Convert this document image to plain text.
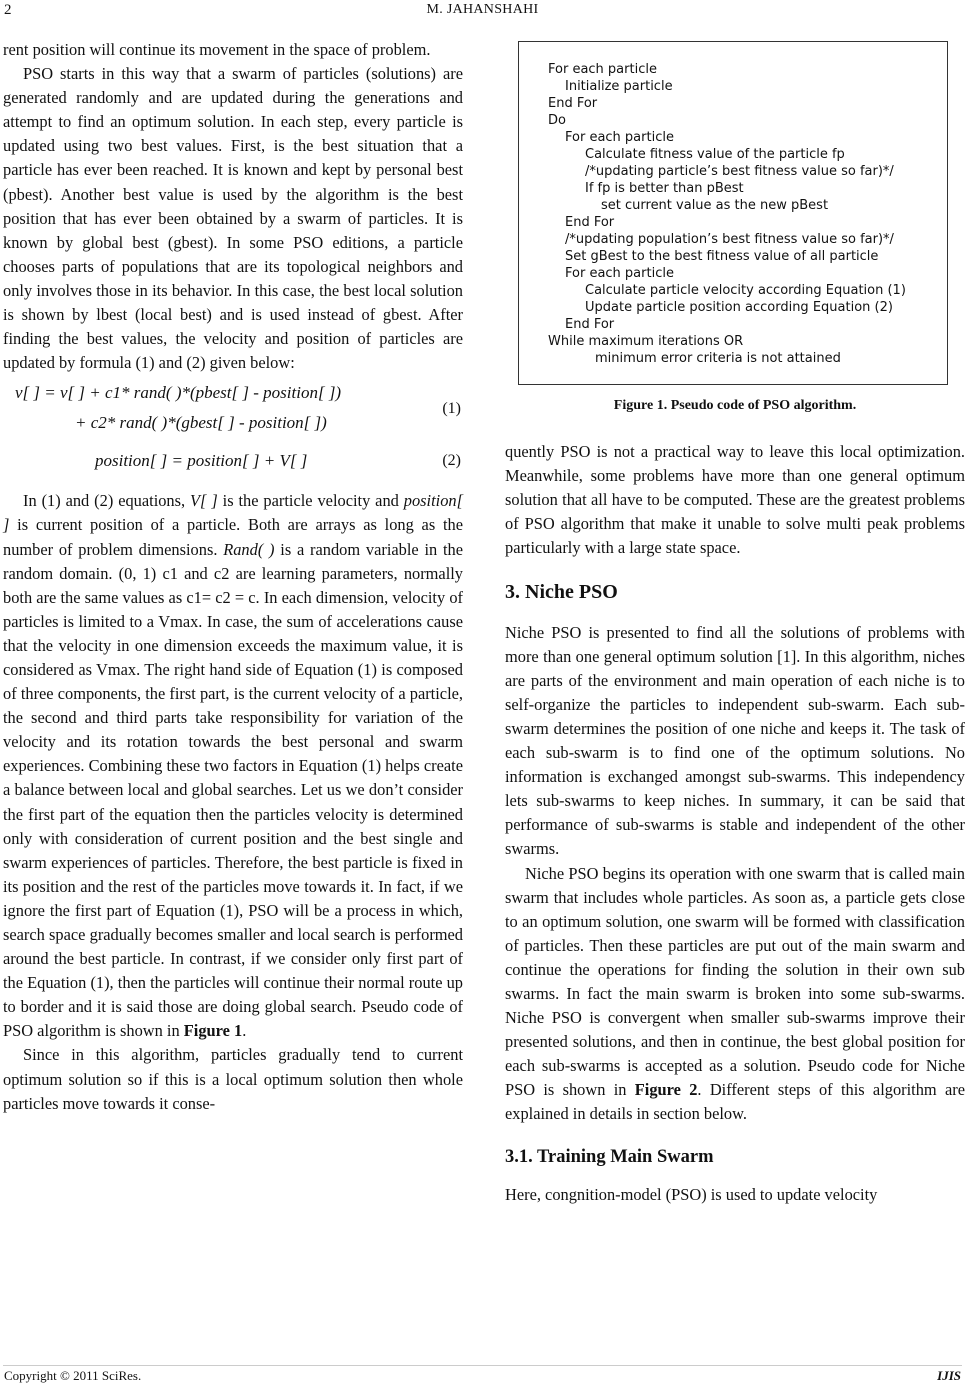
2	M. JAHANSHAHI

rent position will continue its movement in the space of problem.

PSO starts in this way that a swarm of particles (solutions) are generated randomly and are updated during the generations and attempt to find an optimum solution. In each step, every particle is updated using two best values. First, is the best situation that a particle has ever been reached. It is known and kept by personal best (pbest). Another best value is used by the algorithm is the best position that has ever been obtained by a swarm of particles. It is known by global best (gbest). In some PSO editions, a particle chooses parts of populations that are its topological neighbors and only involves those in its behavior. In this case, the best local solution is shown by lbest (local best) and is used instead of gbest. After finding the best values, the velocity and position of particles are updated by formula (1) and (2) given below:

v[ ] = v[ ] + c1* rand( )*(pbest[ ] - position[ ])
+ c2* rand( )*(gbest[ ] - position[ ])
(1)
position[ ] = position[ ] + V[ ]	(2)

In (1) and (2) equations, V[ ] is the particle velocity and position[ ] is current position of a particle. Both are arrays as long as the number of problem dimensions. Rand( ) is a random variable in the random domain. (0, 1) c1 and c2 are learning parameters, normally both are the same values as c1= c2 = c. In each dimension, velocity of particles is limited to a Vmax. In case, the sum of accelerations cause that the velocity in one dimension exceeds the maximum value, it is considered as Vmax. The right hand side of Equation (1) is composed of three components, the first part, is the current velocity of a particle, the second and third parts take responsibility for variation of the velocity and its rotation towards the best personal and swarm experiences. Combining these two factors in Equation (1) helps create a balance between local and global searches. Let us we don’t consider the first part of the equation then the particles velocity is determined only with consideration of current position and the best single and swarm experiences of particles. Therefore, the best particle is fixed in its position and the rest of the particles move towards it. In fact, if we ignore the first part of Equation (1), PSO will be a process in which, search space gradually becomes smaller and local search is performed around the best particle. In contrast, if we consider only first part of the Equation (1), then the particles will continue their normal route up to border and it is said those are doing global search. Pseudo code of PSO algorithm is shown in Figure 1.

Since in this algorithm, particles gradually tend to current optimum solution so if this is a local optimum solution then whole particles move towards it conse-

For each particle
Initialize particle
End For
Do
For each particle
Calculate fitness value of the particle fp
/*updating particle’s best fitness value so far)*/
If fp is better than pBest
set current value as the new pBest
End For
/*updating population’s best fitness value so far)*/
Set gBest to the best fitness value of all particle
For each particle
Calculate particle velocity according Equation (1)
Update particle position according Equation (2)
End For
While maximum iterations OR
minimum error criteria is not attained
Figure 1. Pseudo code of PSO algorithm.

quently PSO is not a practical way to leave this local optimization. Meanwhile, some problems have more than one general optimum solution that all have to be computed. These are the greatest problems of PSO algorithm that make it unable to solve multi peak problems particularly with a large state space.

3. Niche PSO

Niche PSO is presented to find all the solutions of problems with more than one general optimum solution [1]. In this algorithm, niches are parts of the environment and main operation of each niche is to self-organize the particles to independent sub-swarm. Each sub-swarm determines the position of one niche and keeps it. The task of each sub-swarm is to find one of the optimum solutions. No information is exchanged amongst sub-swarms. This independency lets sub-swarms to keep niches. In summary, it can be said that performance of sub-swarms is stable and independent of the other swarms.

Niche PSO begins its operation with one swarm that is called main swarm that includes whole particles. As soon as, a particle gets close to an optimum solution, one swarm will be formed with classification of particles. Then these particles are put out of the main swarm and continue the operations for finding the solution in their own sub swarms. In fact the main swarm is broken into some sub-swarms. Niche PSO is convergent when smaller sub-swarms improve their presented solutions, and then in continue, the best global position for each sub-swarms is accepted as a solution. Pseudo code for Niche PSO is shown in Figure 2. Different steps of this algorithm are explained in details in section below.

3.1. Training Main Swarm

Here, congnition-model (PSO) is used to update velocity

Copyright © 2011 SciRes.	IJIS
